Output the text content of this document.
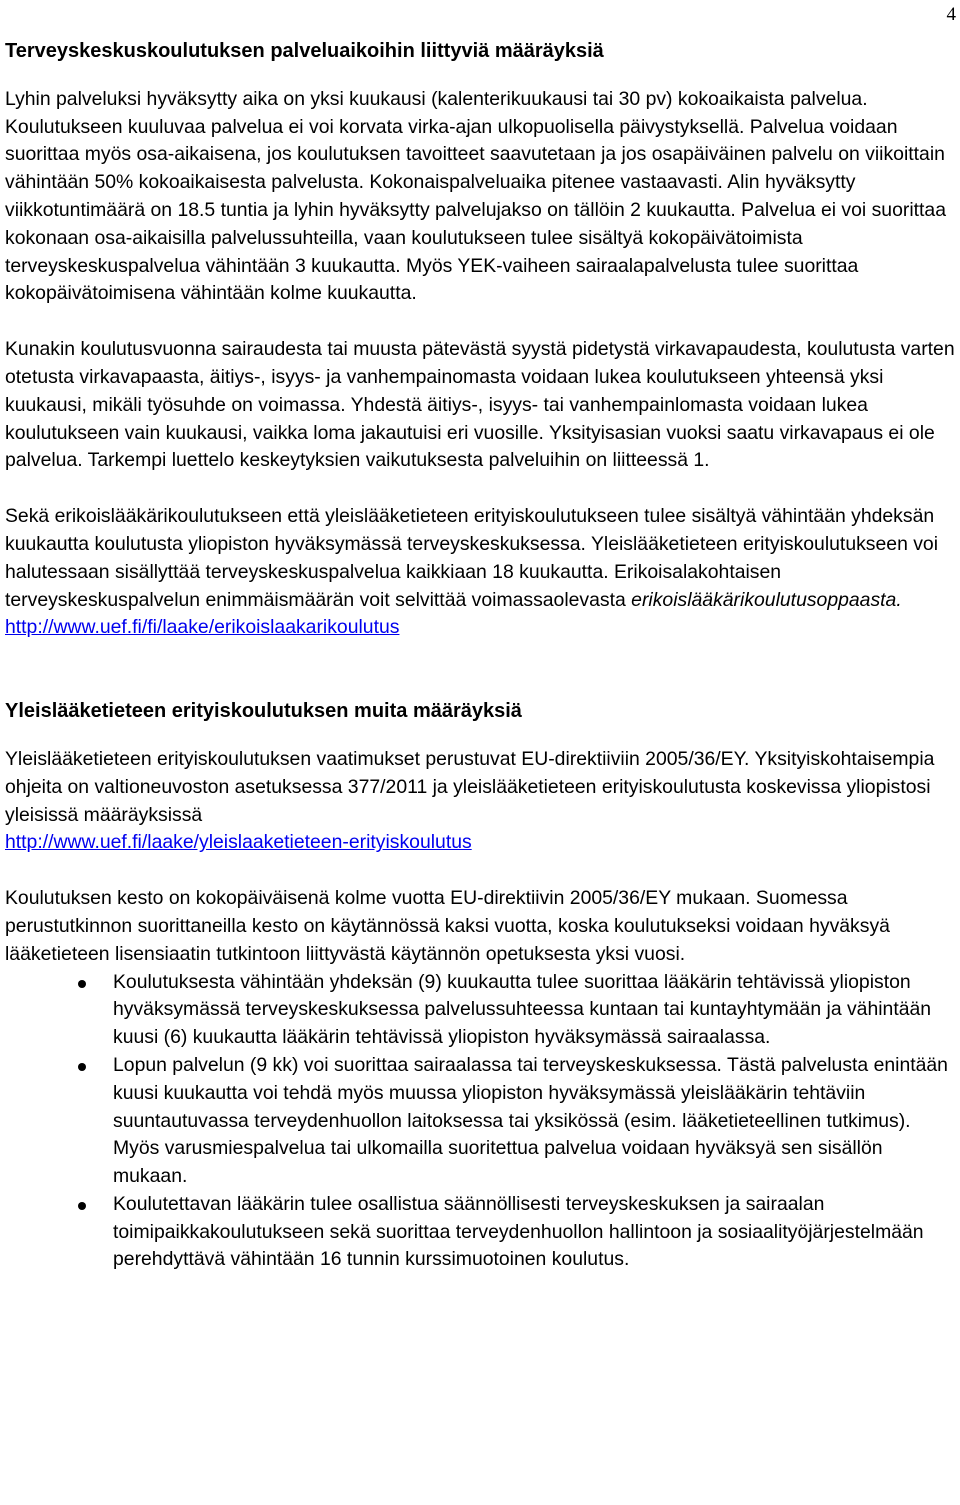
4
Terveyskeskuskoulutuksen palveluaikoihin liittyviä määräyksiä

Lyhin palveluksi hyväksytty aika on yksi kuukausi (kalenterikuukausi tai 30 pv) kokoaikaista palvelua. Koulutukseen kuuluvaa palvelua ei voi korvata virka-ajan ulkopuolisella päivystyksellä. Palvelua voidaan suorittaa myös osa-aikaisena, jos koulutuksen tavoitteet saavutetaan ja jos osapäiväinen palvelu on viikoittain vähintään 50% kokoaikaisesta palvelusta. Kokonaispalveluaika pitenee vastaavasti. Alin hyväksytty viikkotuntimäärä on 18.5 tuntia ja lyhin hyväksytty palvelujakso on tällöin 2 kuukautta. Palvelua ei voi suorittaa kokonaan osa-aikaisilla palvelussuhteilla, vaan koulutukseen tulee sisältyä kokopäivätoimista terveyskeskuspalvelua vähintään 3 kuukautta. Myös YEK-vaiheen sairaalapalvelusta tulee suorittaa kokopäivätoimisena vähintään kolme kuukautta.

Kunakin koulutusvuonna sairaudesta tai muusta pätevästä syystä pidetystä virkavapaudesta, koulutusta varten otetusta virkavapaasta, äitiys-, isyys- ja vanhempainomasta voidaan lukea koulutukseen yhteensä yksi kuukausi, mikäli työsuhde on voimassa. Yhdestä äitiys-, isyys- tai vanhempainlomasta voidaan lukea koulutukseen vain kuukausi, vaikka loma jakautuisi eri vuosille. Yksityisasian vuoksi saatu virkavapaus ei ole palvelua. Tarkempi luettelo keskeytyksien vaikutuksesta palveluihin on liitteessä 1.

Sekä erikoislääkärikoulutukseen että yleislääketieteen erityiskoulutukseen tulee sisältyä vähintään yhdeksän kuukautta koulutusta yliopiston hyväksymässä terveyskeskuksessa. Yleislääketieteen erityiskoulutukseen voi halutessaan sisällyttää terveyskeskuspalvelua kaikkiaan 18 kuukautta. Erikoisalakohtaisen terveyskeskuspalvelun enimmäismäärän voit selvittää voimassaolevasta erikoislääkärikoulutusoppaasta.
http://www.uef.fi/fi/laake/erikoislaakarikoulutus

Yleislääketieteen erityiskoulutuksen muita määräyksiä

Yleislääketieteen erityiskoulutuksen vaatimukset perustuvat EU-direktiiviin 2005/36/EY. Yksityiskohtaisempia ohjeita on valtioneuvoston asetuksessa 377/2011 ja yleislääketieteen erityiskoulutusta koskevissa yliopistosi yleisissä määräyksissä
http://www.uef.fi/laake/yleislaaketieteen-erityiskoulutus

Koulutuksen kesto on kokopäiväisenä kolme vuotta EU-direktiivin 2005/36/EY mukaan. Suomessa perustutkinnon suorittaneilla kesto on käytännössä kaksi vuotta, koska koulutukseksi voidaan hyväksyä lääketieteen lisensiaatin tutkintoon liittyvästä käytännön opetuksesta yksi vuosi.

Koulutuksesta vähintään yhdeksän (9) kuukautta tulee suorittaa lääkärin tehtävissä yliopiston hyväksymässä terveyskeskuksessa palvelussuhteessa kuntaan tai kuntayhtymään ja vähintään kuusi (6) kuukautta lääkärin tehtävissä yliopiston hyväksymässä sairaalassa.
Lopun palvelun (9 kk) voi suorittaa sairaalassa tai terveyskeskuksessa. Tästä palvelusta enintään kuusi kuukautta voi tehdä myös muussa yliopiston hyväksymässä yleislääkärin tehtäviin suuntautuvassa terveydenhuollon laitoksessa tai yksikössä (esim. lääketieteellinen tutkimus). Myös varusmiespalvelua tai ulkomailla suoritettua palvelua voidaan hyväksyä sen sisällön mukaan.
Koulutettavan lääkärin tulee osallistua säännöllisesti terveyskeskuksen ja sairaalan toimipaikkakoulutukseen sekä suorittaa terveydenhuollon hallintoon ja sosiaalityöjärjestelmään perehdyttävä vähintään 16 tunnin kurssimuotoinen koulutus.
